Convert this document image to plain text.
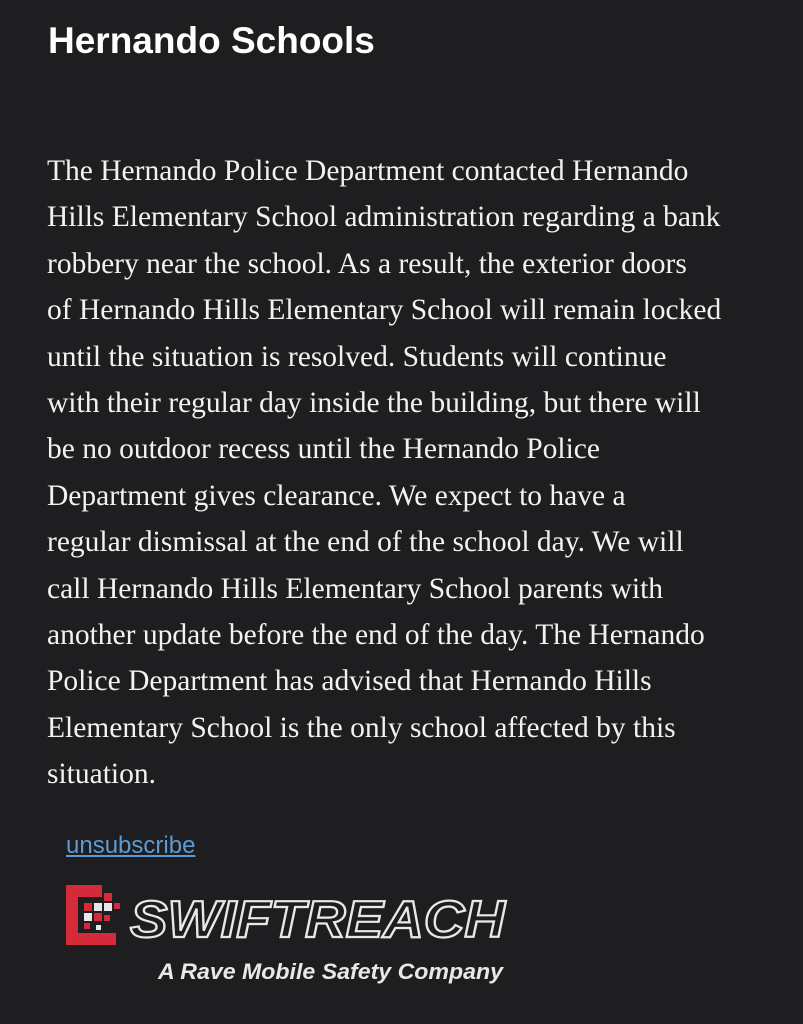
Hernando Schools
The Hernando Police Department contacted Hernando
Hills Elementary School administration regarding a bank
robbery near the school. As a result, the exterior doors
of Hernando Hills Elementary School will remain locked
until the situation is resolved. Students will continue
with their regular day inside the building, but there will
be no outdoor recess until the Hernando Police
Department gives clearance. We expect to have a
regular dismissal at the end of the school day. We will
call Hernando Hills Elementary School parents with
another update before the end of the day. The Hernando
Police Department has advised that Hernando Hills
Elementary School is the only school affected by this
situation.
unsubscribe
SWIFTREACH
A Rave Mobile Safety Company
